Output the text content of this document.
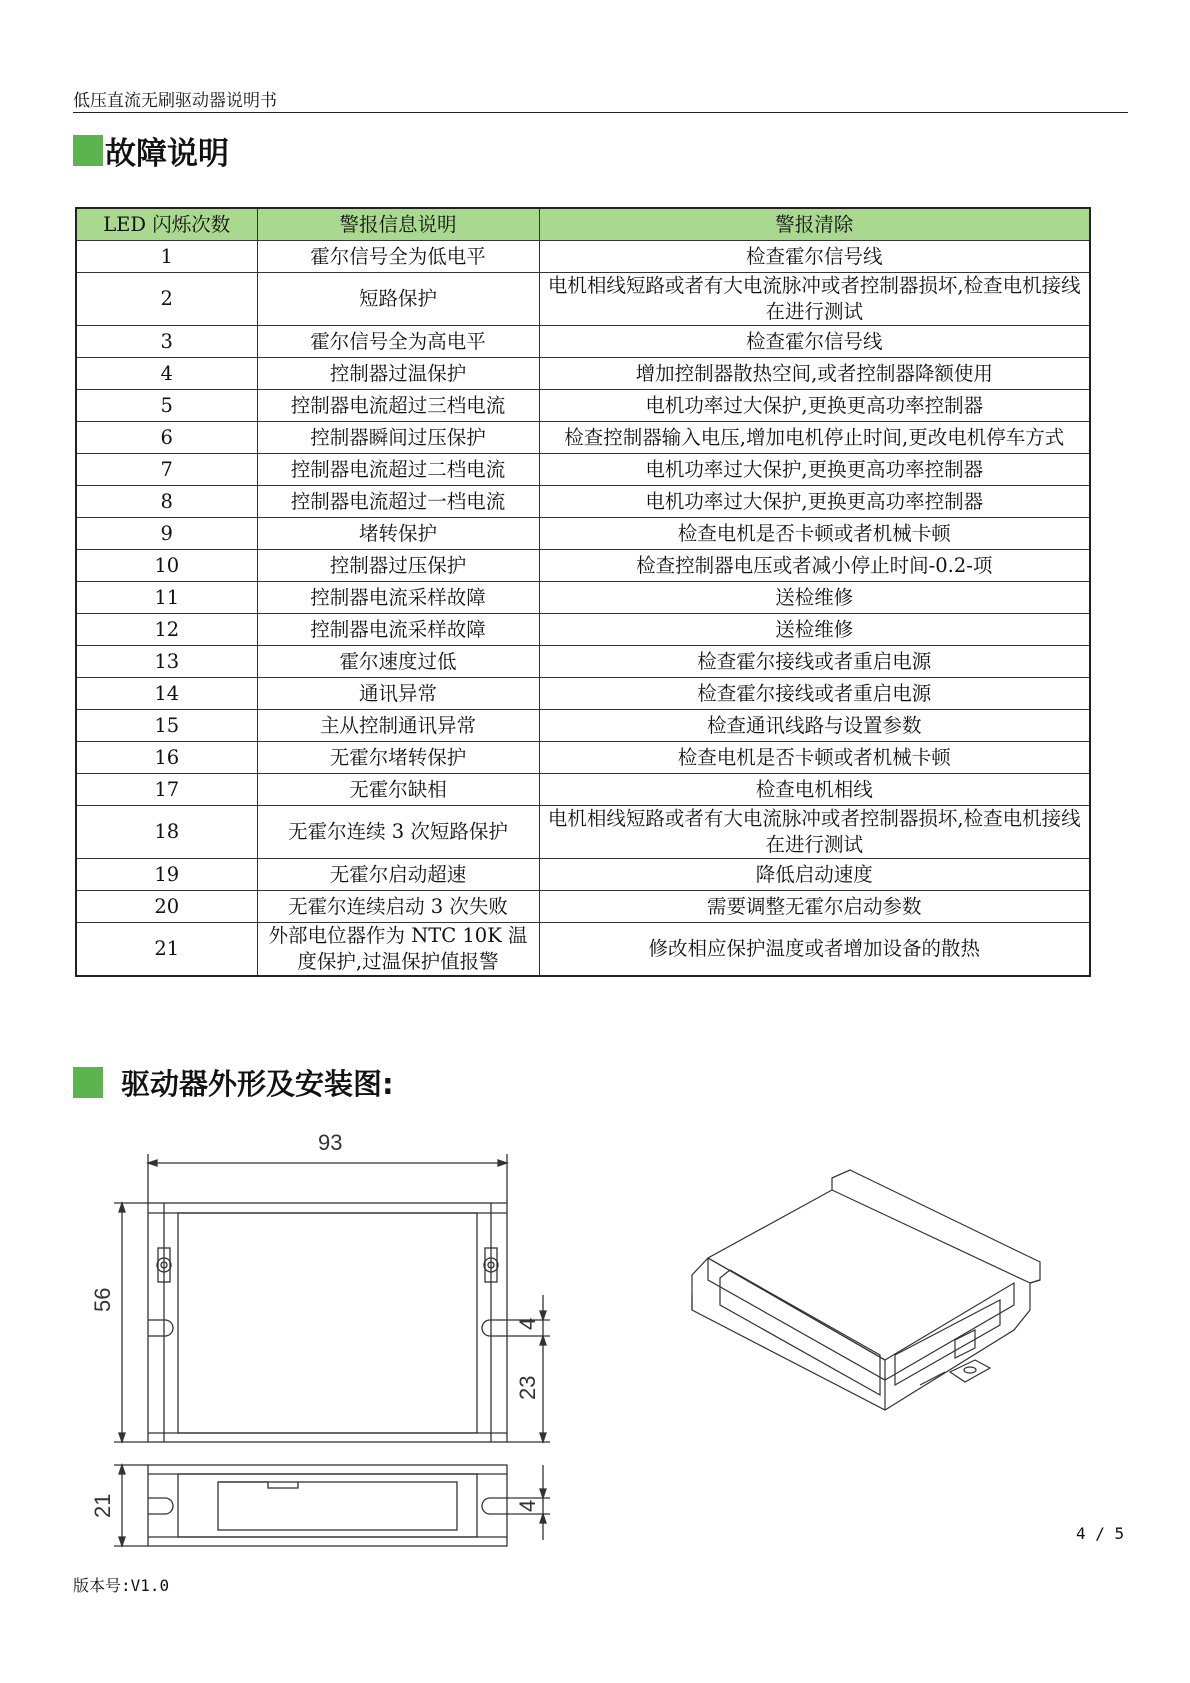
低压直流无刷驱动器说明书
故障说明
LED 闪烁次数	警报信息说明	警报清除
1	霍尔信号全为低电平	检查霍尔信号线
2	短路保护	电机相线短路或者有大电流脉冲或者控制器损坏,检查电机接线在进行测试
3	霍尔信号全为高电平	检查霍尔信号线
4	控制器过温保护	增加控制器散热空间,或者控制器降额使用
5	控制器电流超过三档电流	电机功率过大保护,更换更高功率控制器
6	控制器瞬间过压保护	检查控制器输入电压,增加电机停止时间,更改电机停车方式
7	控制器电流超过二档电流	电机功率过大保护,更换更高功率控制器
8	控制器电流超过一档电流	电机功率过大保护,更换更高功率控制器
9	堵转保护	检查电机是否卡顿或者机械卡顿
10	控制器过压保护	检查控制器电压或者减小停止时间-0.2-项
11	控制器电流采样故障	送检维修
12	控制器电流采样故障	送检维修
13	霍尔速度过低	检查霍尔接线或者重启电源
14	通讯异常	检查霍尔接线或者重启电源
15	主从控制通讯异常	检查通讯线路与设置参数
16	无霍尔堵转保护	检查电机是否卡顿或者机械卡顿
17	无霍尔缺相	检查电机相线
18	无霍尔连续 3 次短路保护	电机相线短路或者有大电流脉冲或者控制器损坏,检查电机接线在进行测试
19	无霍尔启动超速	降低启动速度
20	无霍尔连续启动 3 次失败	需要调整无霍尔启动参数
21	外部电位器作为 NTC 10K 温度保护,过温保护值报警	修改相应保护温度或者增加设备的散热
驱动器外形及安装图:
93
56
4
23
21	4
4 / 5
版本号:V1.0
